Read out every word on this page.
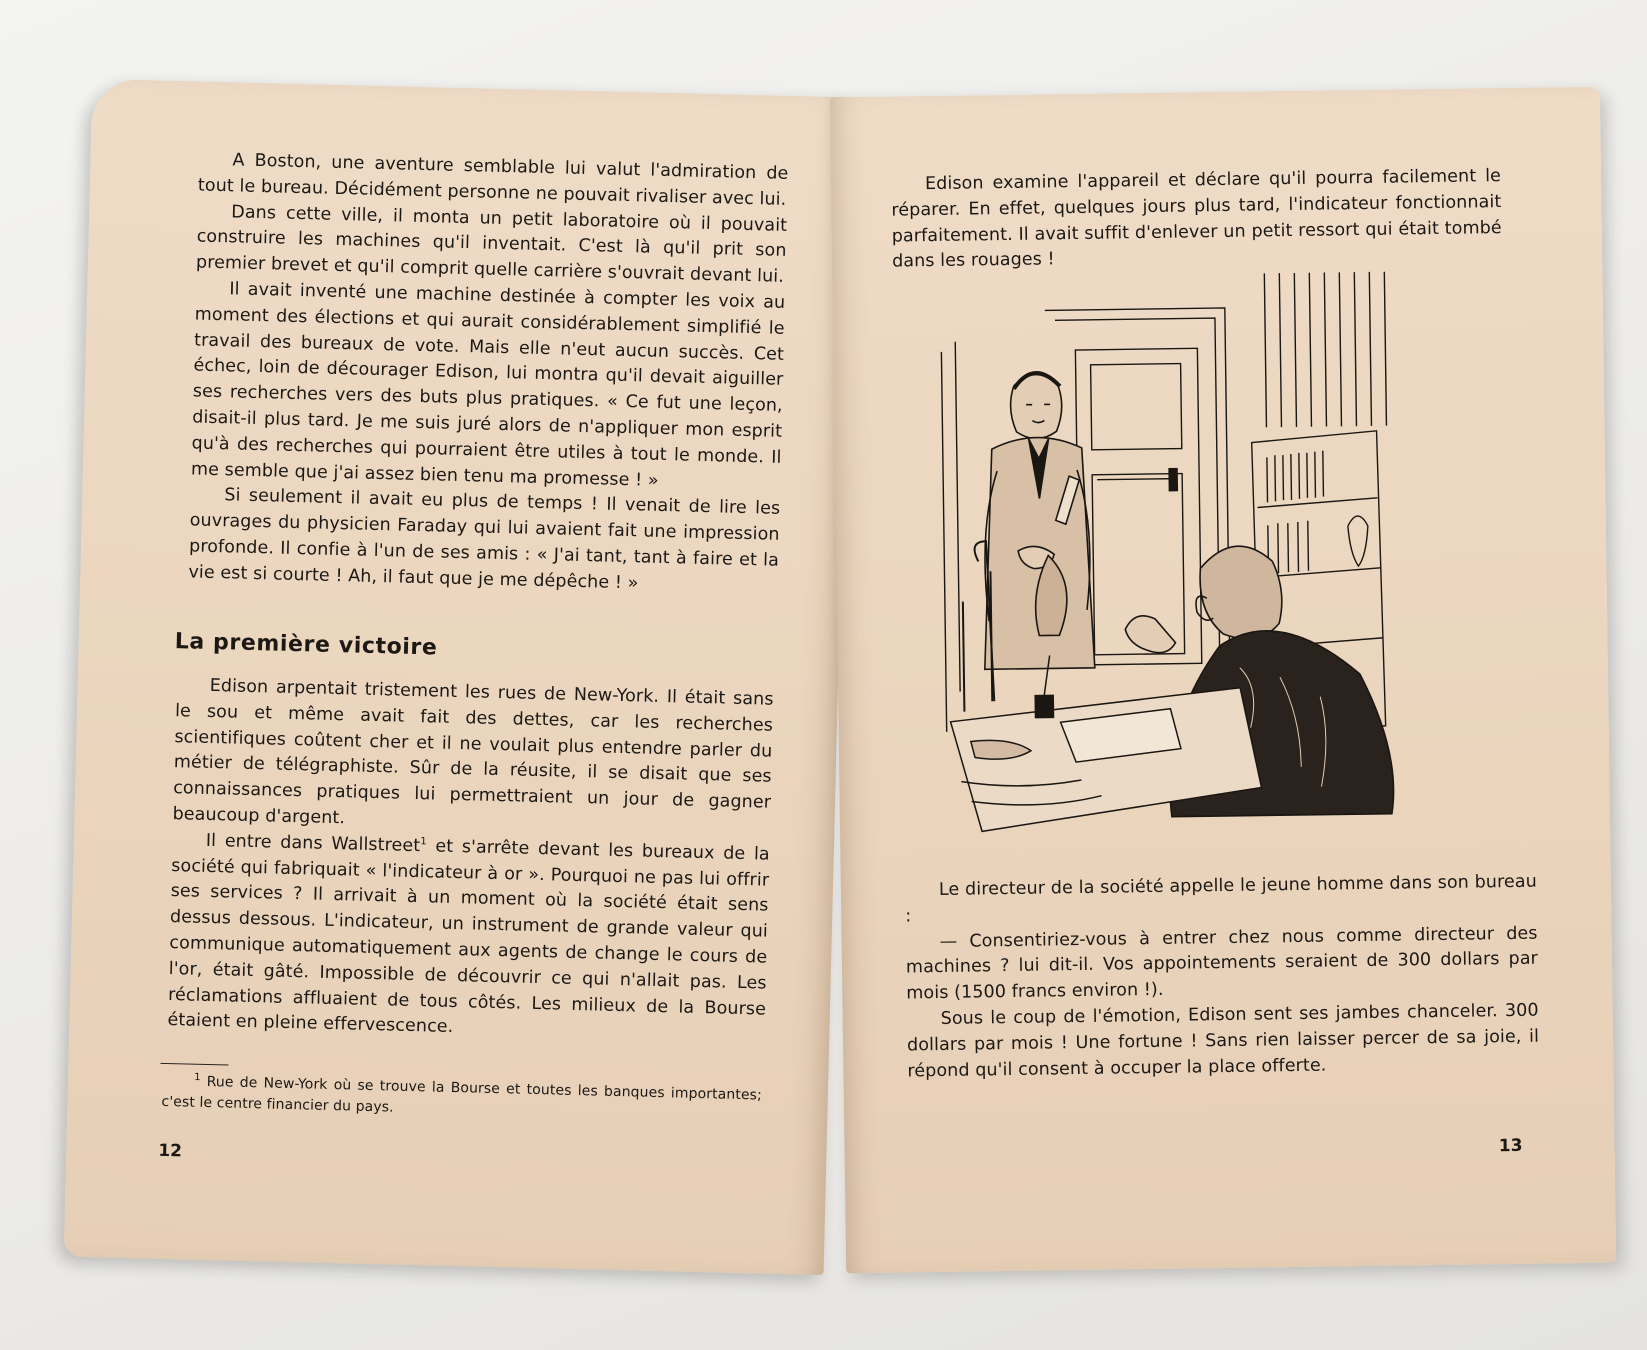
A Boston, une aventure semblable lui valut l'admiration de tout le bureau. Décidément personne ne pouvait rivaliser avec lui.

Dans cette ville, il monta un petit laboratoire où il pouvait construire les machines qu'il inventait. C'est là qu'il prit son premier brevet et qu'il comprit quelle carrière s'ouvrait devant lui.

Il avait inventé une machine destinée à compter les voix au moment des élections et qui aurait considérablement simplifié le travail des bureaux de vote. Mais elle n'eut aucun succès. Cet échec, loin de décourager Edison, lui montra qu'il devait aiguiller ses recherches vers des buts plus pratiques. « Ce fut une leçon, disait-il plus tard. Je me suis juré alors de n'appliquer mon esprit qu'à des recherches qui pourraient être utiles à tout le monde. Il me semble que j'ai assez bien tenu ma promesse ! »

Si seulement il avait eu plus de temps ! Il venait de lire les ouvrages du physicien Faraday qui lui avaient fait une impression profonde. Il confie à l'un de ses amis : « J'ai tant, tant à faire et la vie est si courte ! Ah, il faut que je me dépêche ! »

La première victoire

Edison arpentait tristement les rues de New-York. Il était sans le sou et même avait fait des dettes, car les recherches scientifiques coûtent cher et il ne voulait plus entendre parler du métier de télégraphiste. Sûr de la réusite, il se disait que ses connaissances pratiques lui permettraient un jour de gagner beaucoup d'argent.

Il entre dans Wallstreet$^1$ et s'arrête devant les bureaux de la société qui fabriquait « l'indicateur à or ». Pourquoi ne pas lui offrir ses services ? Il arrivait à un moment où la société était sens dessus dessous. L'indicateur, un instrument de grande valeur qui communique automatiquement aux agents de change le cours de l'or, était gâté. Impossible de découvrir ce qui n'allait pas. Les réclamations affluaient de tous côtés. Les milieux de la Bourse étaient en pleine effervescence.

$^1$ Rue de New-York où se trouve la Bourse et toutes les banques importantes; c'est le centre financier du pays.

12

Edison examine l'appareil et déclare qu'il pourra facilement le réparer. En effet, quelques jours plus tard, l'indicateur fonctionnait parfaitement. Il avait suffit d'enlever un petit ressort qui était tombé dans les rouages !

Le directeur de la société appelle le jeune homme dans son bureau :

— Consentiriez-vous à entrer chez nous comme directeur des machines ? lui dit-il. Vos appointements seraient de 300 dollars par mois (1500 francs environ !).

Sous le coup de l'émotion, Edison sent ses jambes chanceler. 300 dollars par mois ! Une fortune ! Sans rien laisser percer de sa joie, il répond qu'il consent à occuper la place offerte.

13
